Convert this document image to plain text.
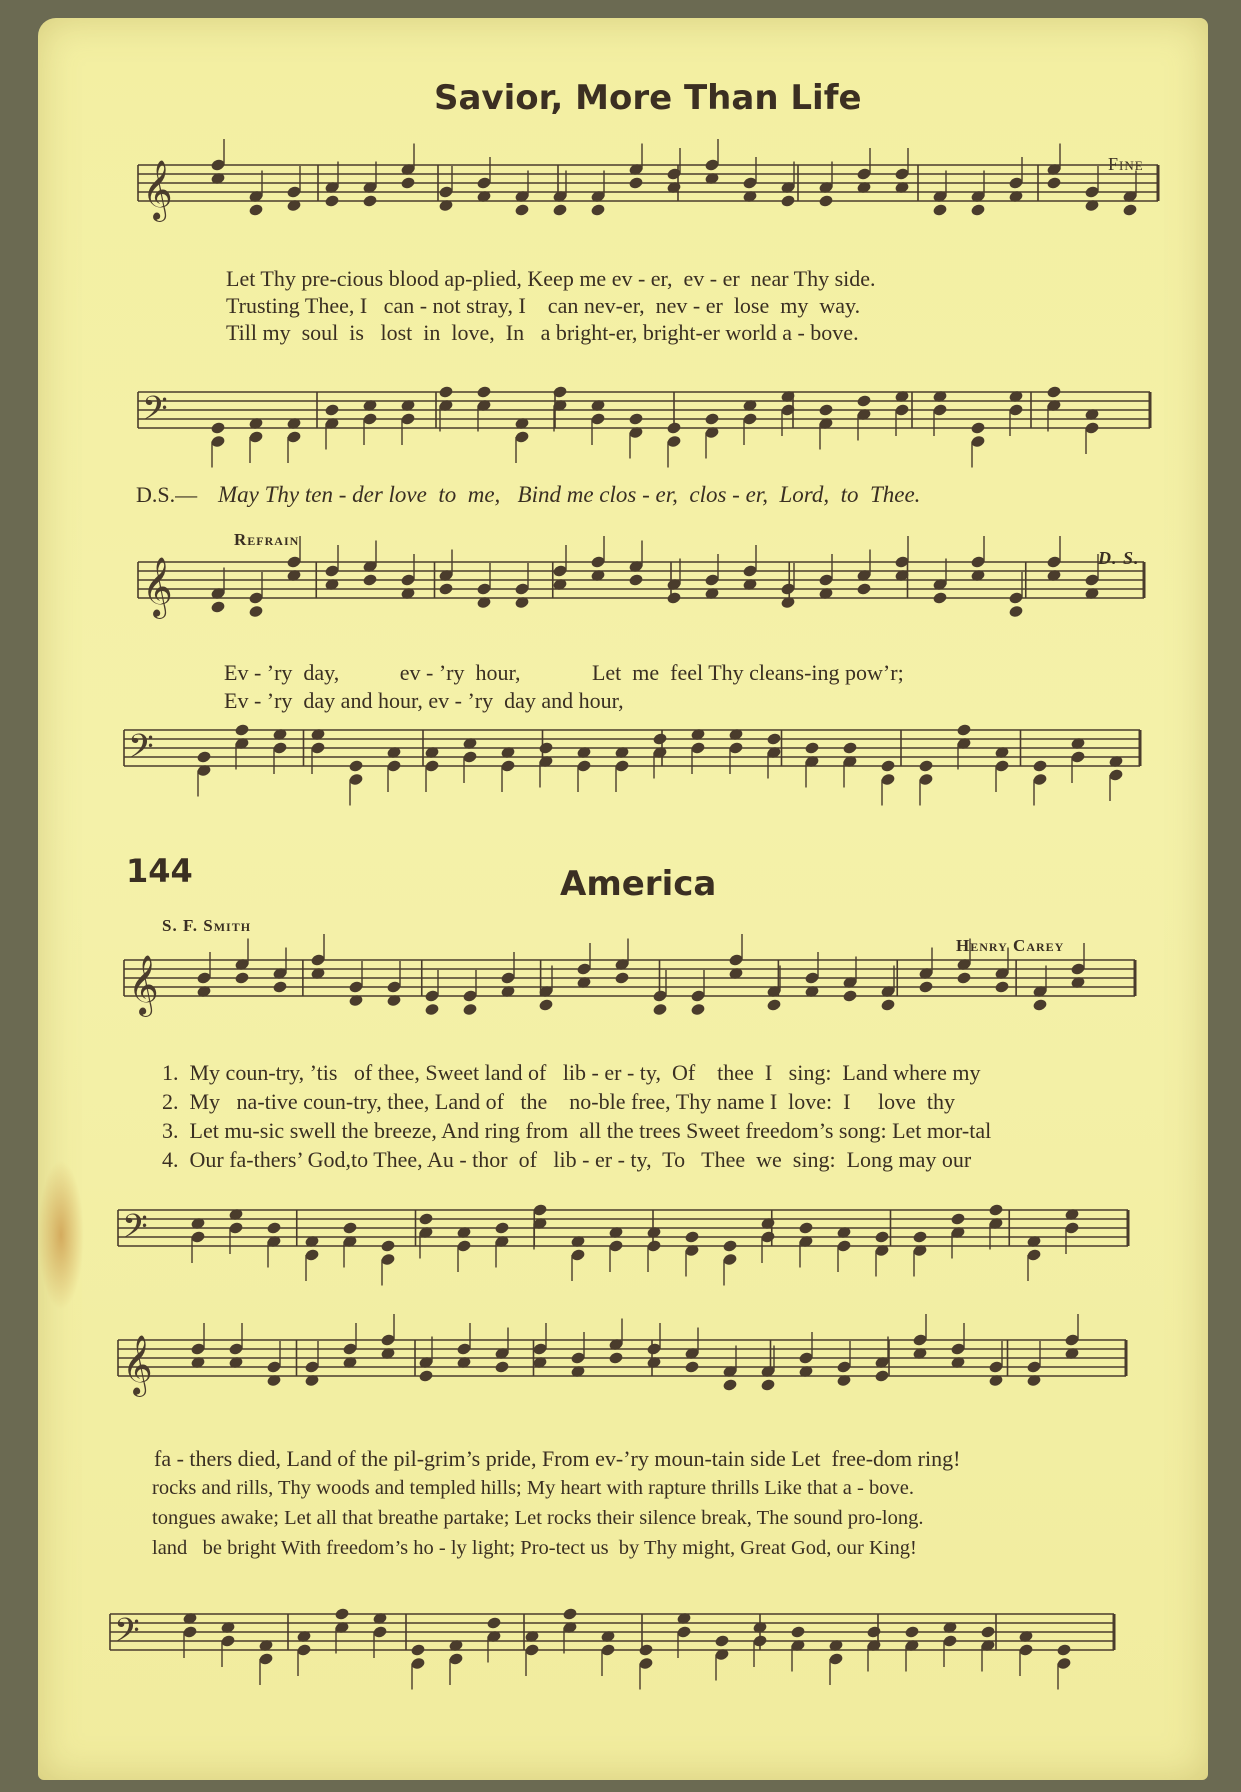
Savior, More Than Life
Fine
𝄞
𝄢
𝄞
𝄢
𝄞
𝄢
𝄞
𝄢
Let Thy pre-cious blood ap-plied, Keep me ev - er,  ev - er  near Thy side.
Trusting Thee, I   can - not stray, I    can nev-er,  nev - er  lose  my  way.
Till my  soul  is   lost  in  love,  In   a bright-er, bright-er world a - bove.
D.S.— May Thy ten - der love  to  me,   Bind me clos - er,  clos - er,  Lord,  to  Thee.
Refrain
D. S.
Ev - ’ry  day,           ev - ’ry  hour,             Let  me  feel Thy cleans-ing pow’r;
Ev - ’ry  day and hour, ev - ’ry  day and hour,
144	America
S. F. Smith
Henry Carey
1.  My coun-try, ’tis   of thee, Sweet land of   lib - er - ty,  Of    thee  I   sing:  Land where my
2.  My   na-tive coun-try, thee, Land of   the    no-ble free, Thy name I  love:  I     love  thy
3.  Let mu-sic swell the breeze, And ring from  all the trees Sweet freedom’s song: Let mor-tal
4.  Our fa-thers’ God,to Thee, Au - thor  of   lib - er - ty,  To   Thee  we  sing:  Long may our
fa - thers died, Land of the pil-grim’s pride, From ev-’ry moun-tain side Let  free-dom ring!
rocks and rills, Thy woods and templed hills; My heart with rapture thrills Like that a - bove.
tongues awake; Let all that breathe partake; Let rocks their silence break, The sound pro-long.
land   be bright With freedom’s ho - ly light; Pro-tect us  by Thy might, Great God, our King!
